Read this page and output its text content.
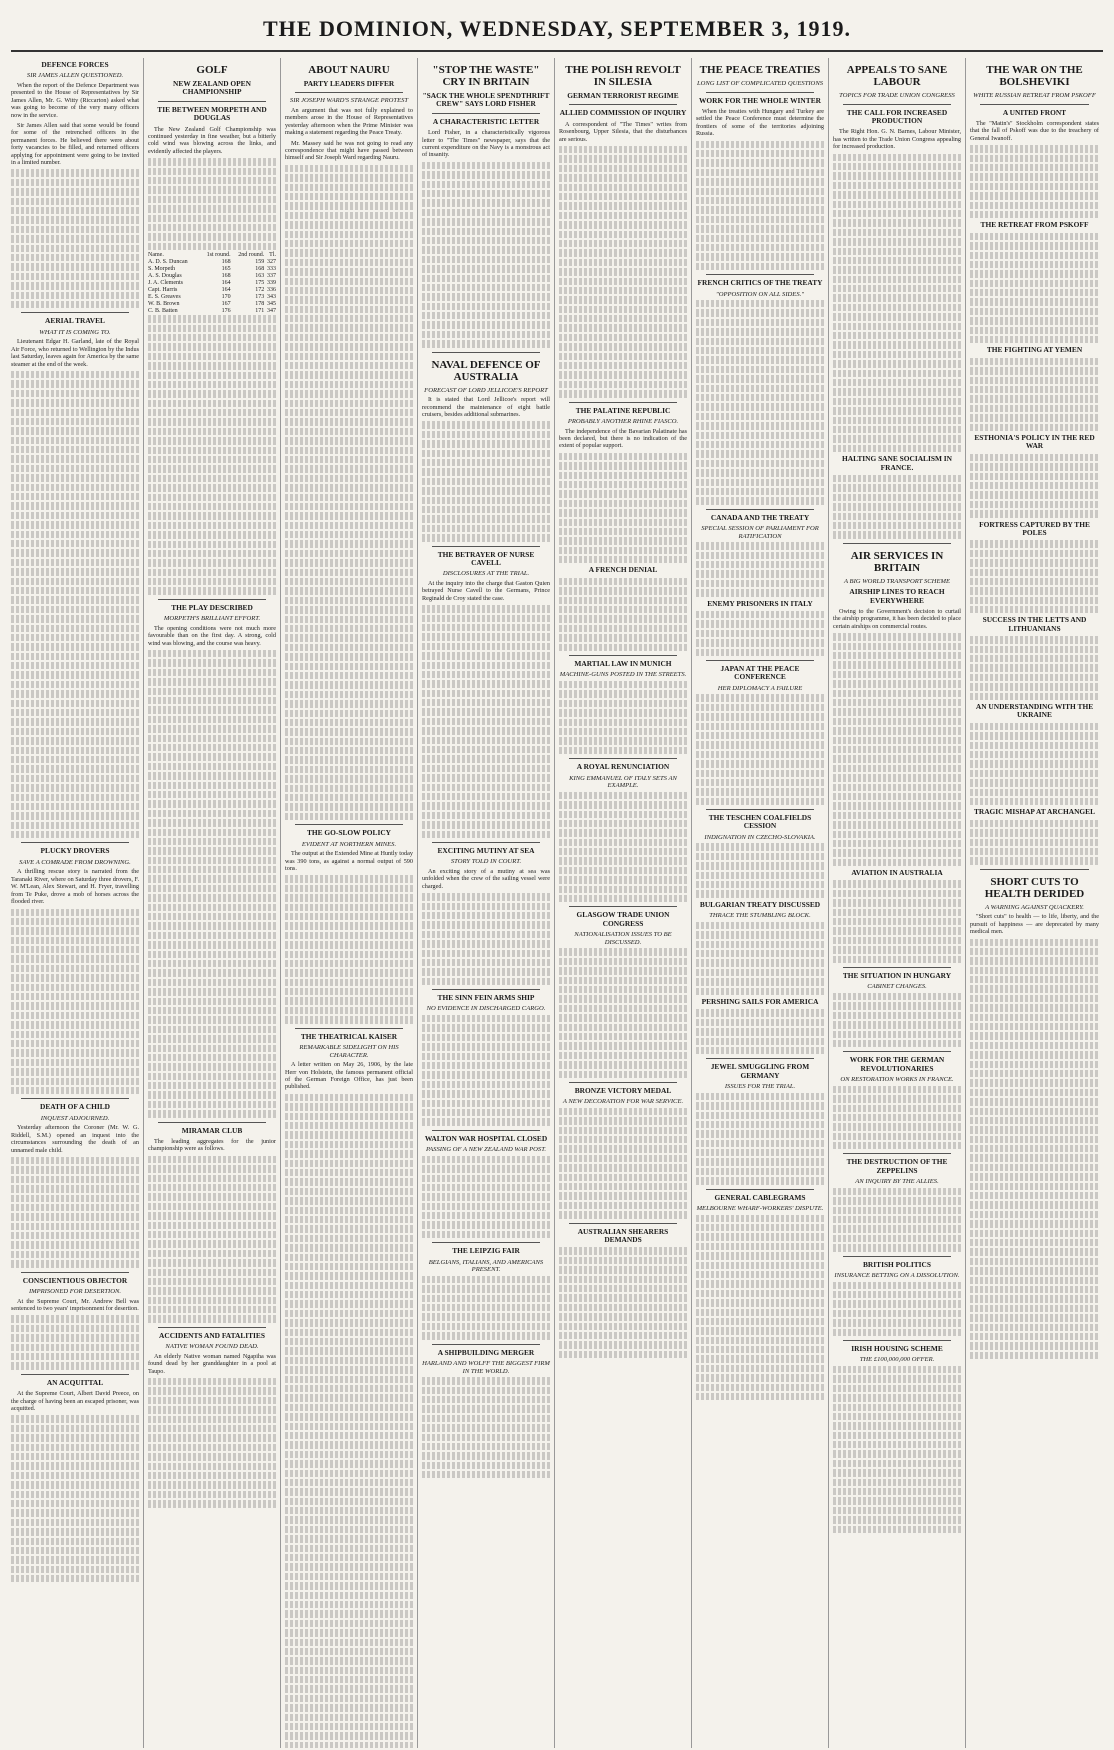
THE DOMINION, WEDNESDAY, SEPTEMBER 3, 1919.
DEFENCE FORCES
SIR JAMES ALLEN QUESTIONED.

When the report of the Defence Department was presented to the House of Representatives by Sir James Allen, Mr. G. Witty (Riccarton) asked what was going to become of the very many officers now in the service.

Sir James Allen said that some would be found for some of the retrenched officers in the permanent forces. He believed there were about forty vacancies to be filled, and returned officers applying for appointment were going to be invited in a limited number.

AERIAL TRAVEL
WHAT IT IS COMING TO.

Lieutenant Edgar H. Garland, late of the Royal Air Force, who returned to Wellington by the Indus last Saturday, leaves again for America by the same steamer at the end of the week.

PLUCKY DROVERS
SAVE A COMRADE FROM DROWNING.

A thrilling rescue story is narrated from the Taranaki River, where on Saturday three drovers, F. W. M'Lean, Alex Stewart, and H. Fryer, travelling from Te Puke, drove a mob of horses across the flooded river.

DEATH OF A CHILD
INQUEST ADJOURNED.

Yesterday afternoon the Coroner (Mr. W. G. Riddell, S.M.) opened an inquest into the circumstances surrounding the death of an unnamed male child.

CONSCIENTIOUS OBJECTOR
IMPRISONED FOR DESERTION.

At the Supreme Court, Mr. Andrew Bell was sentenced to two years' imprisonment for desertion.

AN ACQUITTAL

At the Supreme Court, Albert David Preece, on the charge of having been an escaped prisoner, was acquitted.

GOLF
NEW ZEALAND OPEN CHAMPIONSHIP
TIE BETWEEN MORPETH AND DOUGLAS

The New Zealand Golf Championship was continued yesterday in fine weather, but a bitterly cold wind was blowing across the links, and evidently affected the players.

Name.	1st round.	2nd round.	Tl.
A. D. S. Duncan	168	159	327
S. Morpeth	165	168	333
A. S. Douglas	168	163	337
J. A. Clements	164	175	339
Capt. Harris	164	172	336
E. S. Greaves	170	173	343
W. B. Brown	167	178	345
C. B. Batten	176	171	347
THE PLAY DESCRIBED
MORPETH'S BRILLIANT EFFORT.

The opening conditions were not much more favourable than on the first day. A strong, cold wind was blowing, and the course was heavy.

MIRAMAR CLUB

The leading aggregates for the junior championship were as follows.

ACCIDENTS AND FATALITIES
NATIVE WOMAN FOUND DEAD.

An elderly Native woman named Ngapiha was found dead by her granddaughter in a pool at Taupo.

ABOUT NAURU
PARTY LEADERS DIFFER
SIR JOSEPH WARD'S STRANGE PROTEST

An argument that was not fully explained to members arose in the House of Representatives yesterday afternoon when the Prime Minister was making a statement regarding the Peace Treaty.

Mr. Massey said he was not going to read any correspondence that might have passed between himself and Sir Joseph Ward regarding Nauru.

THE GO-SLOW POLICY
EVIDENT AT NORTHERN MINES.

The output at the Extended Mine at Huntly today was 390 tons, as against a normal output of 590 tons.

THE THEATRICAL KAISER
REMARKABLE SIDELIGHT ON HIS CHARACTER.

A letter written on May 26, 1906, by the late Herr von Holstein, the famous permanent official of the German Foreign Office, has just been published.

"STOP THE WASTE" CRY IN BRITAIN
"SACK THE WHOLE SPENDTHRIFT CREW" SAYS LORD FISHER
A CHARACTERISTIC LETTER

Lord Fisher, in a characteristically vigorous letter to "The Times" newspaper, says that the current expenditure on the Navy is a monstrous act of insanity.

NAVAL DEFENCE OF AUSTRALIA
FORECAST OF LORD JELLICOE'S REPORT

It is stated that Lord Jellicoe's report will recommend the maintenance of eight battle cruisers, besides additional submarines.

THE BETRAYER OF NURSE CAVELL
DISCLOSURES AT THE TRIAL.

At the inquiry into the charge that Gaston Quien betrayed Nurse Cavell to the Germans, Prince Reginald de Croy stated the case.

EXCITING MUTINY AT SEA
STORY TOLD IN COURT.

An exciting story of a mutiny at sea was unfolded when the crew of the sailing vessel were charged.

THE SINN FEIN ARMS SHIP
NO EVIDENCE IN DISCHARGED CARGO.
WALTON WAR HOSPITAL CLOSED
PASSING OF A NEW ZEALAND WAR POST.
THE LEIPZIG FAIR
BELGIANS, ITALIANS, AND AMERICANS PRESENT.
A SHIPBUILDING MERGER
HARLAND AND WOLFF THE BIGGEST FIRM IN THE WORLD.
THE POLISH REVOLT IN SILESIA
GERMAN TERRORIST REGIME
ALLIED COMMISSION OF INQUIRY

A correspondent of "The Times" writes from Rosenbourg, Upper Silesia, that the disturbances are serious.

THE PALATINE REPUBLIC
PROBABLY ANOTHER RHINE FIASCO.

The independence of the Bavarian Palatinate has been declared, but there is no indication of the extent of popular support.

A FRENCH DENIAL
MARTIAL LAW IN MUNICH
MACHINE-GUNS POSTED IN THE STREETS.
A ROYAL RENUNCIATION
KING EMMANUEL OF ITALY SETS AN EXAMPLE.
GLASGOW TRADE UNION CONGRESS
NATIONALISATION ISSUES TO BE DISCUSSED.
BRONZE VICTORY MEDAL
A NEW DECORATION FOR WAR SERVICE.
AUSTRALIAN SHEARERS DEMANDS
THE PEACE TREATIES
LONG LIST OF COMPLICATED QUESTIONS
WORK FOR THE WHOLE WINTER

When the treaties with Hungary and Turkey are settled the Peace Conference must determine the frontiers of some of the territories adjoining Russia.

FRENCH CRITICS OF THE TREATY
"OPPOSITION ON ALL SIDES."
CANADA AND THE TREATY
SPECIAL SESSION OF PARLIAMENT FOR RATIFICATION
ENEMY PRISONERS IN ITALY
JAPAN AT THE PEACE CONFERENCE
HER DIPLOMACY A FAILURE
THE TESCHEN COALFIELDS CESSION
INDIGNATION IN CZECHO-SLOVAKIA.
BULGARIAN TREATY DISCUSSED
THRACE THE STUMBLING BLOCK.
PERSHING SAILS FOR AMERICA
JEWEL SMUGGLING FROM GERMANY
ISSUES FOR THE TRIAL.
GENERAL CABLEGRAMS
MELBOURNE WHARF-WORKERS' DISPUTE.
APPEALS TO SANE LABOUR
TOPICS FOR TRADE UNION CONGRESS
THE CALL FOR INCREASED PRODUCTION

The Right Hon. G. N. Barnes, Labour Minister, has written to the Trade Union Congress appealing for increased production.

HALTING SANE SOCIALISM IN FRANCE.
AIR SERVICES IN BRITAIN
A BIG WORLD TRANSPORT SCHEME
AIRSHIP LINES TO REACH EVERYWHERE

Owing to the Government's decision to curtail the airship programme, it has been decided to place certain airships on commercial routes.

AVIATION IN AUSTRALIA
THE SITUATION IN HUNGARY
CABINET CHANGES.
WORK FOR THE GERMAN REVOLUTIONARIES
ON RESTORATION WORKS IN FRANCE.
THE DESTRUCTION OF THE ZEPPELINS
AN INQUIRY BY THE ALLIES.
BRITISH POLITICS
INSURANCE BETTING ON A DISSOLUTION.
IRISH HOUSING SCHEME
THE £100,000,000 OFFER.
THE WAR ON THE BOLSHEVIKI
WHITE RUSSIAN RETREAT FROM PSKOFF
A UNITED FRONT

The "Matin's" Stockholm correspondent states that the fall of Pskoff was due to the treachery of General Iwanoff.

THE RETREAT FROM PSKOFF
THE FIGHTING AT YEMEN
ESTHONIA'S POLICY IN THE RED WAR
FORTRESS CAPTURED BY THE POLES
SUCCESS IN THE LETTS AND LITHUANIANS
AN UNDERSTANDING WITH THE UKRAINE
TRAGIC MISHAP AT ARCHANGEL
SHORT CUTS TO HEALTH DERIDED
A WARNING AGAINST QUACKERY.

"Short cuts" to health — to life, liberty, and the pursuit of happiness — are deprecated by many medical men.
